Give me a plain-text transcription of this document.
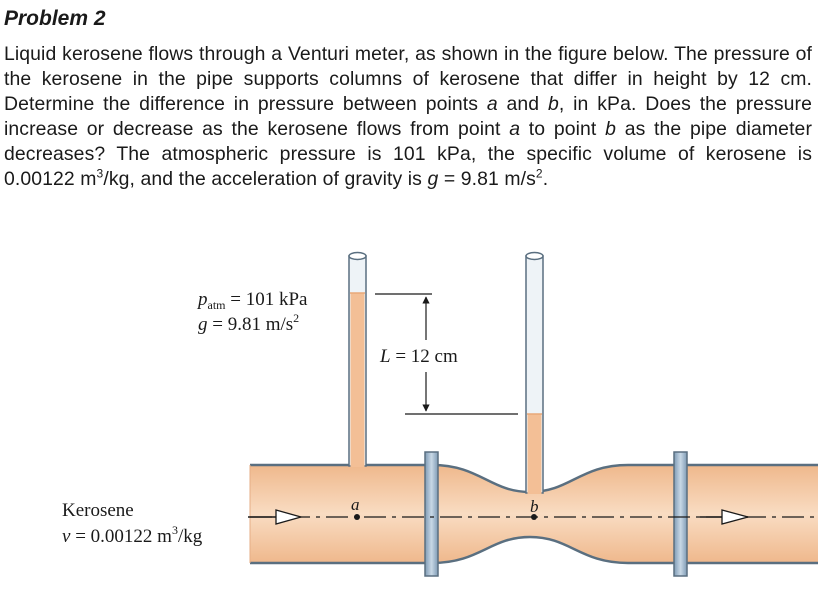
Problem 2

Liquid kerosene flows through a Venturi meter, as shown in the figure below. The pressure of the kerosene in the pipe supports columns of kerosene that differ in height by 12 cm. Determine the difference in pressure between points a and b, in kPa. Does the pressure increase or decrease as the kerosene flows from point a to point b as the pipe diameter decreases? The atmospheric pressure is 101 kPa, the specific volume of kerosene is 0.00122 $m^3/kg$, and the acceleration of gravity is g = 9.81 $m/s^2$.

$p_{atm} = 101$ kPa
g = 9.81 $m/s^2$
L = 12 cm
Kerosene
v = 0.00122 $m^3/kg$
a	b
